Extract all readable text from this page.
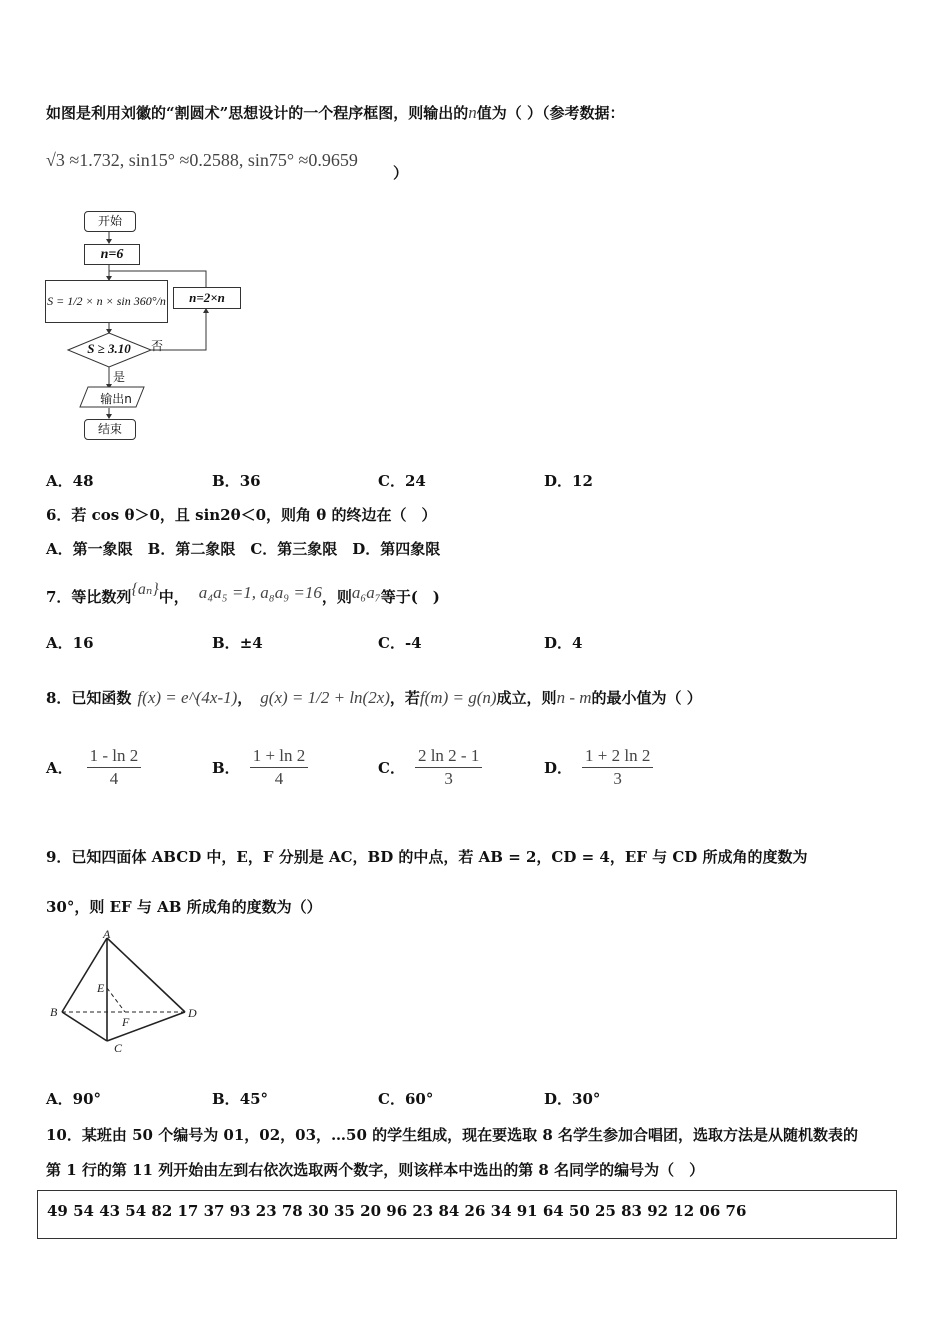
如图是利用刘徽的“割圆术”思想设计的一个程序框图，则输出的n值为（ ）（参考数据：
√3 ≈1.732, sin15° ≈0.2588, sin75° ≈0.9659
）
开始
n=6
S = 1/2 × n × sin 360°/n	n=2×n
S ≥ 3.10	否
是
输出n
结束
A．48	B．36	C．24	D．12
6．若 cos θ＞0，且 sin2θ＜0，则角 θ 的终边在（　）
A．第一象限　B．第二象限　C．第三象限　D．第四象限
7．等比数列{aₙ}中， a₄a₅ =1, a₈a₉ =16，则a₆a₇等于(　)
A．16	B．±4	C．-4	D．4
8．已知函数 f(x) = e^(4x-1)， g(x) = 1/2 + ln(2x)，若f(m) = g(n)成立，则n - m的最小值为（ ）
A． $\frac{1 - \ln 2}{4}$	B． $\frac{1 + \ln 2}{4}$	C． $\frac{2 \ln 2 - 1}{3}$	D． $\frac{1 + 2 \ln 2}{3}$
9．已知四面体 ABCD 中，E，F 分别是 AC，BD 的中点，若 AB = 2，CD = 4，EF 与 CD 所成角的度数为
30°，则 EF 与 AB 所成角的度数为（）
A
B
C
D
E
F
A．90°	B．45°	C．60°	D．30°
10．某班由 50 个编号为 01，02，03，…50 的学生组成，现在要选取 8 名学生参加合唱团，选取方法是从随机数表的
第 1 行的第 11 列开始由左到右依次选取两个数字，则该样本中选出的第 8 名同学的编号为（　）
49 54 43 54 82 17 37 93 23 78 30 35 20 96 23 84 26 34 91 64 50 25 83 92 12 06 76
